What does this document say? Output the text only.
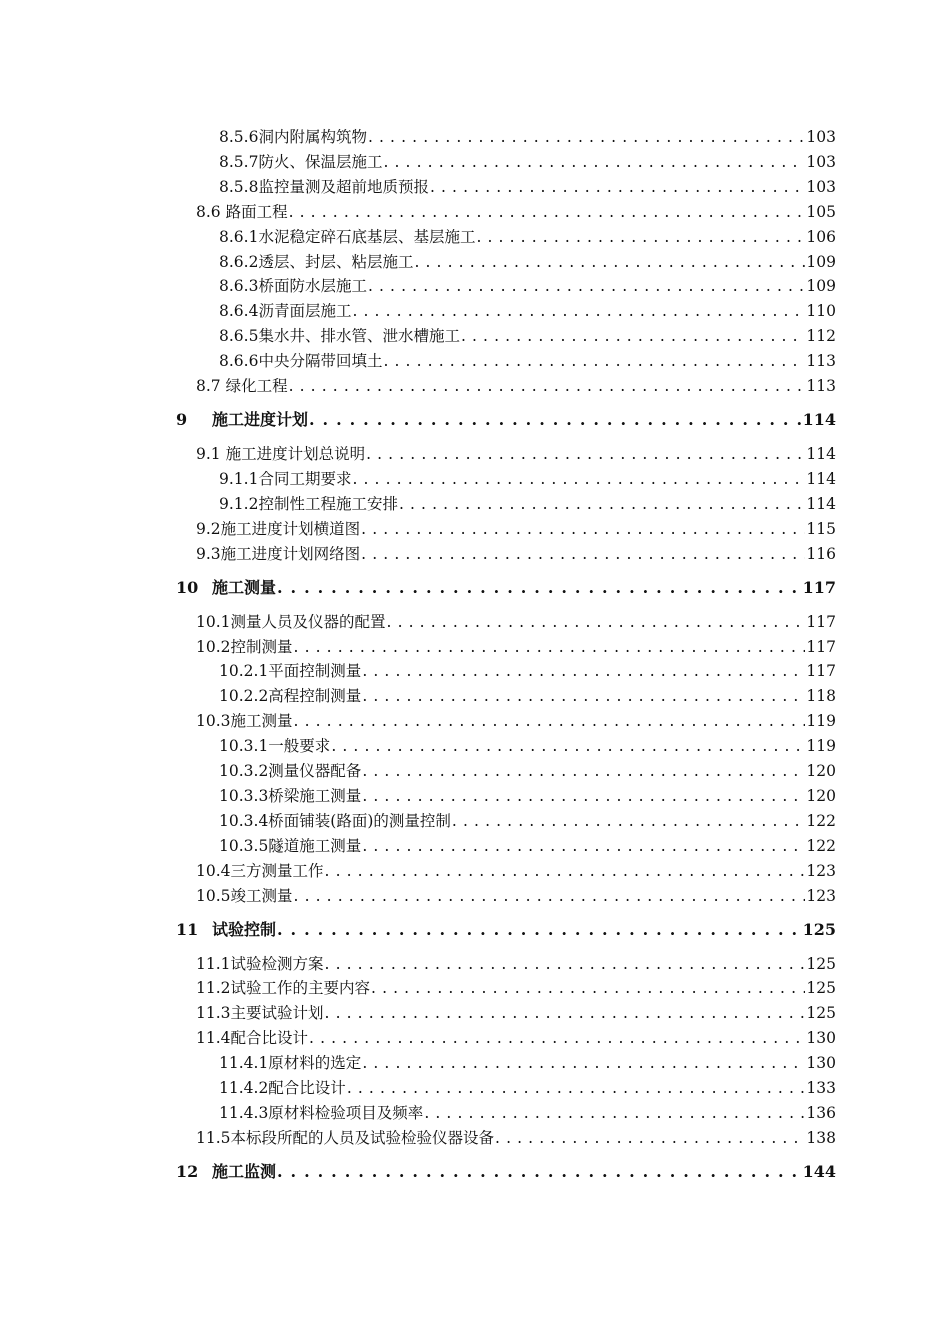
8.5.6洞内附属构筑物 . . .	103
8.5.7防火、保温层施工 . . .	103
8.5.8监控量测及超前地质预报 . . .	103
8.6 路面工程 . . .	105
8.6.1水泥稳定碎石底基层、基层施工 . . .	106
8.6.2透层、封层、粘层施工 . . .	109
8.6.3桥面防水层施工 . . .	109
8.6.4沥青面层施工 . . .	110
8.6.5集水井、排水管、泄水槽施工 . . .	112
8.6.6中央分隔带回填土 . . .	113
8.7 绿化工程 . . .	113
9 施工进度计划 . . .	114
9.1 施工进度计划总说明 . . .	114
9.1.1合同工期要求 . . .	114
9.1.2控制性工程施工安排 . . .	114
9.2施工进度计划横道图 . . .	115
9.3施工进度计划网络图 . . .	116
10 施工测量 . . .	117
10.1测量人员及仪器的配置 . . .	117
10.2控制测量 . . .	117
10.2.1平面控制测量 . . .	117
10.2.2高程控制测量 . . .	118
10.3施工测量 . . .	119
10.3.1一般要求 . . .	119
10.3.2测量仪器配备 . . .	120
10.3.3桥梁施工测量 . . .	120
10.3.4桥面铺装(路面)的测量控制 . . .	122
10.3.5隧道施工测量 . . .	122
10.4三方测量工作 . . .	123
10.5竣工测量 . . .	123
11 试验控制 . . .	125
11.1试验检测方案 . . .	125
11.2试验工作的主要内容 . . .	125
11.3主要试验计划 . . .	125
11.4配合比设计 . . .	130
11.4.1原材料的选定 . . .	130
11.4.2配合比设计 . . .	133
11.4.3原材料检验项目及频率 . . .	136
11.5本标段所配的人员及试验检验仪器设备 . . .	138
12 施工监测 . . .	144
